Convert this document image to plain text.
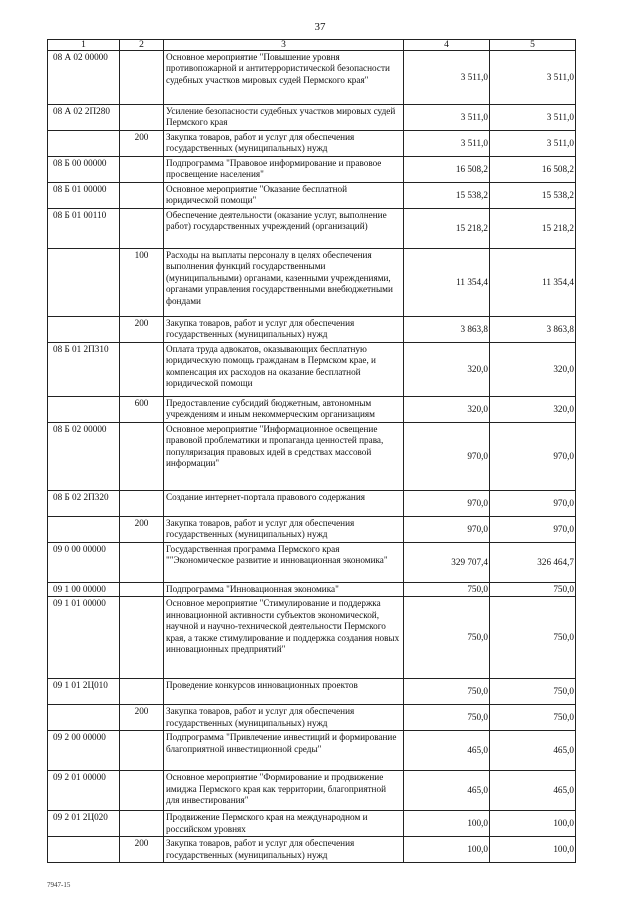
37
1	2	3	4	5
08 А 02 00000		Основное мероприятие "Повышение уровня противопожарной и антитеррористической безопасности судебных участков мировых судей Пермского края"	3 511,0	3 511,0
08 А 02 2П280		Усиление безопасности судебных участков мировых судей Пермского края	3 511,0	3 511,0
	200	Закупка товаров, работ и услуг для обеспечения государственных (муниципальных) нужд	3 511,0	3 511,0
08 Б 00 00000		Подпрограмма "Правовое информирование и правовое просвещение населения"	16 508,2	16 508,2
08 Б 01 00000		Основное мероприятие "Оказание бесплатной юридической помощи"	15 538,2	15 538,2
08 Б 01 00110		Обеспечение деятельности (оказание услуг, выполнение работ) государственных учреждений (организаций)	15 218,2	15 218,2
	100	Расходы на выплаты персоналу в целях обеспечения выполнения функций государственными (муниципальными) органами, казенными учреждениями, органами управления государственными внебюджетными фондами	11 354,4	11 354,4
	200	Закупка товаров, работ и услуг для обеспечения государственных (муниципальных) нужд	3 863,8	3 863,8
08 Б 01 2П310		Оплата труда адвокатов, оказывающих бесплатную юридическую помощь гражданам в Пермском крае, и компенсация их расходов на оказание бесплатной юридической помощи	320,0	320,0
	600	Предоставление субсидий бюджетным, автономным учреждениям и иным некоммерческим организациям	320,0	320,0
08 Б 02 00000		Основное мероприятие "Информационное освещение правовой проблематики и пропаганда ценностей права, популяризация правовых идей в средствах массовой информации"	970,0	970,0
08 Б 02 2П320		Создание интернет-портала правового содержания	970,0	970,0
	200	Закупка товаров, работ и услуг для обеспечения государственных (муниципальных) нужд	970,0	970,0
09 0 00 00000		Государственная программа Пермского края ""Экономическое развитие и инновационная экономика"	329 707,4	326 464,7
09 1 00 00000		Подпрограмма "Инновационная экономика"	750,0	750,0
09 1 01 00000		Основное мероприятие "Стимулирование и поддержка инновационной активности субъектов экономической, научной и научно-технической деятельности Пермского края, а также стимулирование и поддержка создания новых инновационных предприятий"	750,0	750,0
09 1 01 2Ц010		Проведение конкурсов инновационных проектов	750,0	750,0
	200	Закупка товаров, работ и услуг для обеспечения государственных (муниципальных) нужд	750,0	750,0
09 2 00 00000		Подпрограмма "Привлечение инвестиций и формирование благоприятной инвестиционной среды"	465,0	465,0
09 2 01 00000		Основное мероприятие "Формирование и продвижение имиджа Пермского края как территории, благоприятной для инвестирования"	465,0	465,0
09 2 01 2Ц020		Продвижение Пермского края на международном и российском уровнях	100,0	100,0
	200	Закупка товаров, работ и услуг для обеспечения государственных (муниципальных) нужд	100,0	100,0
7947-15
